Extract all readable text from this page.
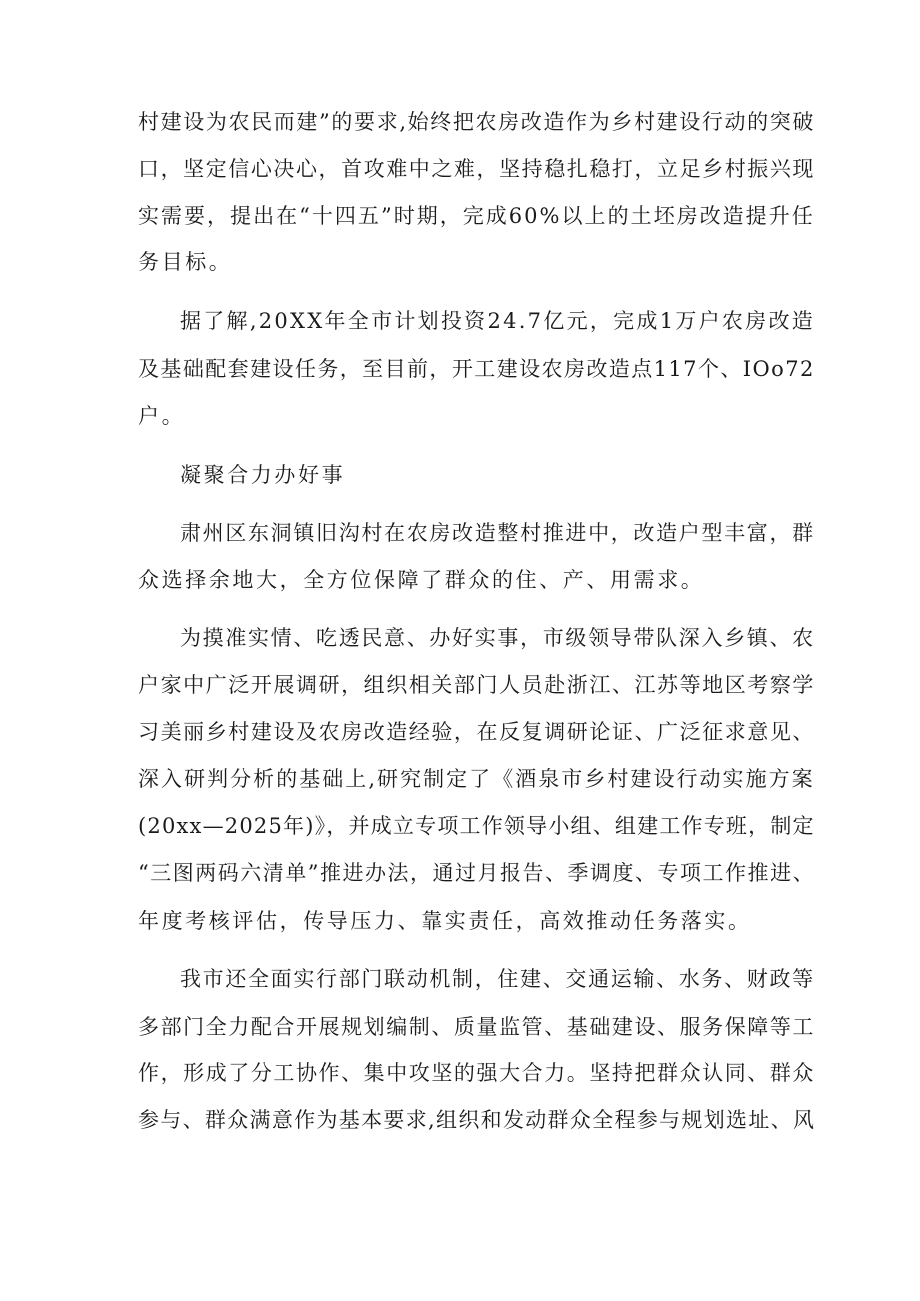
村建设为农民而建”的要求,始终把农房改造作为乡村建设行动的突破
口，坚定信心决心，首攻难中之难，坚持稳扎稳打，立足乡村振兴现
实需要，提出在“十四五”时期，完成60%以上的土坯房改造提升任
务目标。
据了解,20XX年全市计划投资24.7亿元，完成1万户农房改造
及基础配套建设任务，至目前，开工建设农房改造点117个、IOo72
户。
凝聚合力办好事
肃州区东洞镇旧沟村在农房改造整村推进中，改造户型丰富，群
众选择余地大，全方位保障了群众的住、产、用需求。
为摸准实情、吃透民意、办好实事，市级领导带队深入乡镇、农
户家中广泛开展调研，组织相关部门人员赴浙江、江苏等地区考察学
习美丽乡村建设及农房改造经验，在反复调研论证、广泛征求意见、
深入研判分析的基础上,研究制定了《酒泉市乡村建设行动实施方案
(20xx—2025年)》，并成立专项工作领导小组、组建工作专班，制定
“三图两码六清单”推进办法，通过月报告、季调度、专项工作推进、
年度考核评估，传导压力、靠实责任，高效推动任务落实。
我市还全面实行部门联动机制，住建、交通运输、水务、财政等
多部门全力配合开展规划编制、质量监管、基础建设、服务保障等工
作，形成了分工协作、集中攻坚的强大合力。坚持把群众认同、群众
参与、群众满意作为基本要求,组织和发动群众全程参与规划选址、风
